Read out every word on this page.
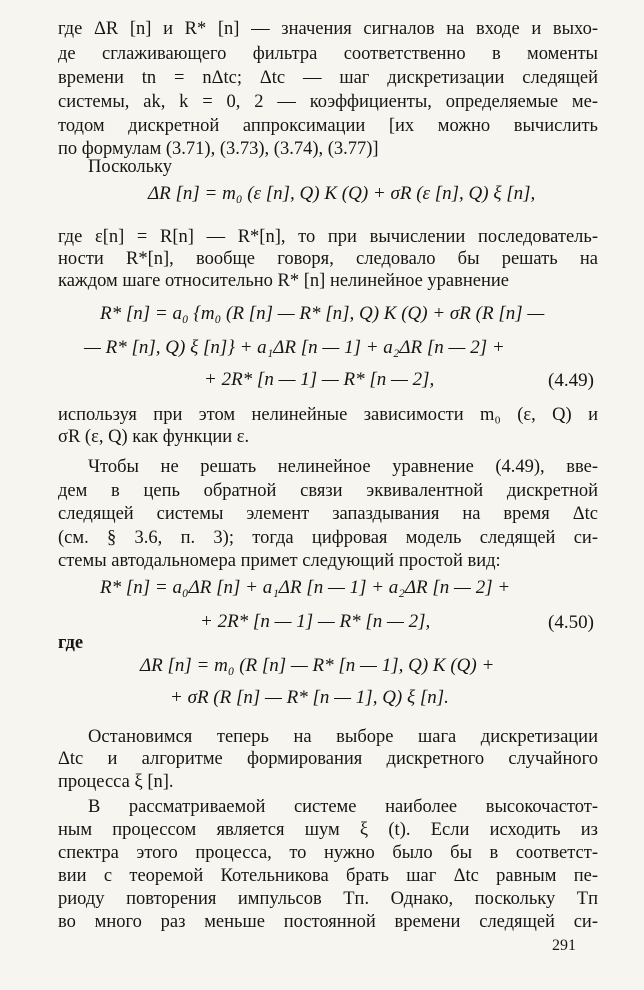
где ΔR [n] и R* [n] — значения сигналов на входе и выхо-
де сглаживающего фильтра соответственно в моменты
времени tn = nΔtc; Δtc — шаг дискретизации следящей
системы, ak, k = 0, 2 — коэффициенты, определяемые ме-
тодом дискретной аппроксимации [их можно вычислить
по формулам (3.71), (3.73), (3.74), (3.77)]
Поскольку
ΔR [n] = m₀ (ε [n], Q) K (Q) + σR (ε [n], Q) ξ [n],
где ε[n] = R[n] — R*[n], то при вычислении последователь-
ности R*[n], вообще говоря, следовало бы решать на
каждом шаге относительно R* [n] нелинейное уравнение
R* [n] = a₀ {m₀ (R [n] — R* [n], Q) K (Q) + σR (R [n] —
— R* [n], Q) ξ [n]} + a₁ΔR [n — 1] + a₂ΔR [n — 2] +
+ 2R* [n — 1] — R* [n — 2],	(4.49)
используя при этом нелинейные зависимости m₀ (ε, Q) и
σR (ε, Q) как функции ε.
Чтобы не решать нелинейное уравнение (4.49), вве-
дем в цепь обратной связи эквивалентной дискретной
следящей системы элемент запаздывания на время Δtc
(см. § 3.6, п. 3); тогда цифровая модель следящей си-
стемы автодальномера примет следующий простой вид:
R* [n] = a₀ΔR [n] + a₁ΔR [n — 1] + a₂ΔR [n — 2] +
+ 2R* [n — 1] — R* [n — 2],	(4.50)
где
ΔR [n] = m₀ (R [n] — R* [n — 1], Q) K (Q) +
+ σR (R [n] — R* [n — 1], Q) ξ [n].
Остановимся теперь на выборе шага дискретизации
Δtc и алгоритме формирования дискретного случайного
процесса ξ [n].
В рассматриваемой системе наиболее высокочастот-
ным процессом является шум ξ (t). Если исходить из
спектра этого процесса, то нужно было бы в соответст-
вии с теоремой Котельникова брать шаг Δtc равным пе-
риоду повторения импульсов Tп. Однако, поскольку Tп
во много раз меньше постоянной времени следящей си-
291
